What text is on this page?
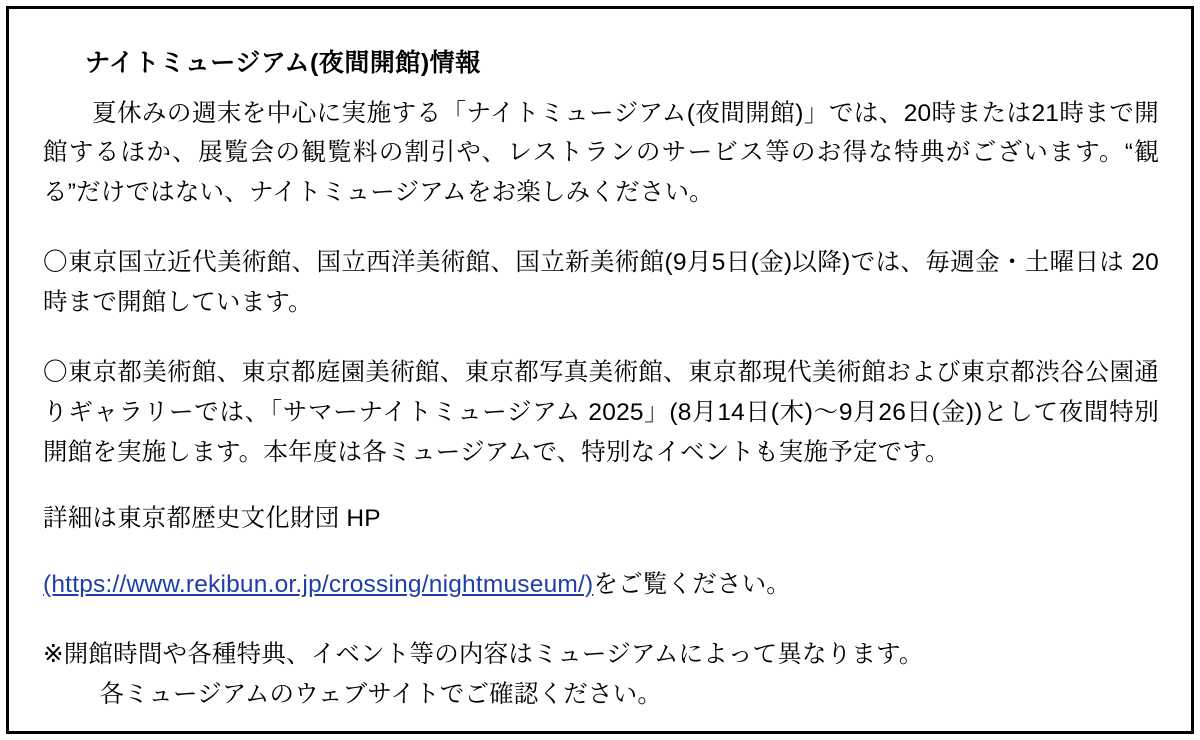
ナイトミュージアム(夜間開館)情報

夏休みの週末を中心に実施する「ナイトミュージアム(夜間開館)」では、20時または21時まで開館するほか、展覧会の観覧料の割引や、レストランのサービス等のお得な特典がございます。“観る”だけではない、ナイトミュージアムをお楽しみください。

〇東京国立近代美術館、国立西洋美術館、国立新美術館(9月5日(金)以降)では、毎週金・土曜日は 20 時まで開館しています。

〇東京都美術館、東京都庭園美術館、東京都写真美術館、東京都現代美術館および東京都渋谷公園通りギャラリーでは、「サマーナイトミュージアム 2025」(8月14日(木)〜9月26日(金))として夜間特別開館を実施します。本年度は各ミュージアムで、特別なイベントも実施予定です。

詳細は東京都歴史文化財団 HP

(https://www.rekibun.or.jp/crossing/nightmuseum/)をご覧ください。

※開館時間や各種特典、イベント等の内容はミュージアムによって異なります。
各ミュージアムのウェブサイトでご確認ください。
